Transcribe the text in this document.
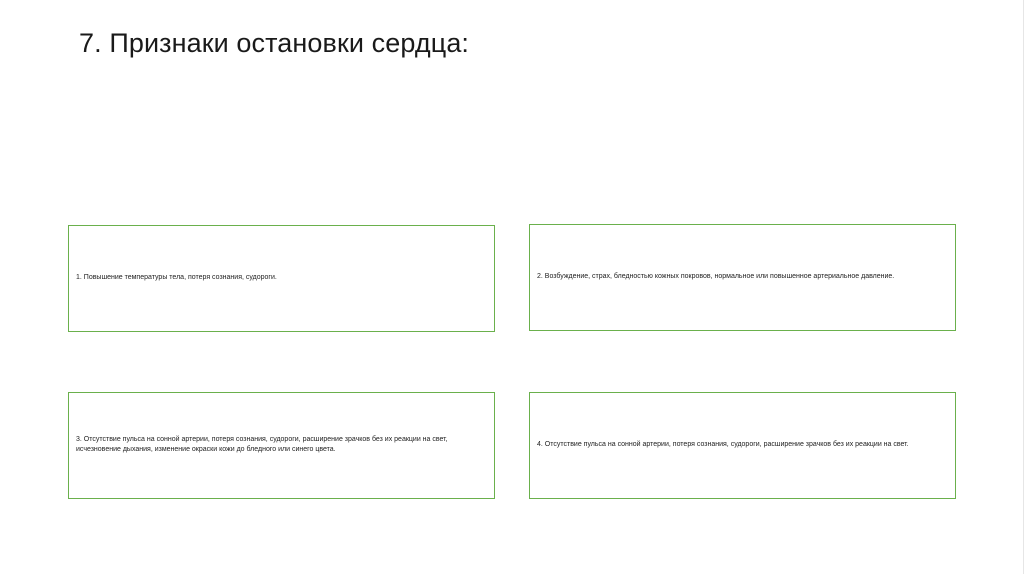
7. Признаки остановки сердца:
1. Повышение температуры тела, потеря сознания, судороги.	2. Возбуждение, страх, бледностью кожных покровов, нормальное или повышенное артериальное давление.
3. Отсутствие пульса на сонной артерии, потеря сознания, судороги, расширение зрачков без их реакции на свет, исчезновение дыхания, изменение окраски кожи до бледного или синего цвета.
4. Отсутствие пульса на сонной артерии, потеря сознания, судороги, расширение зрачков без их реакции на свет.
